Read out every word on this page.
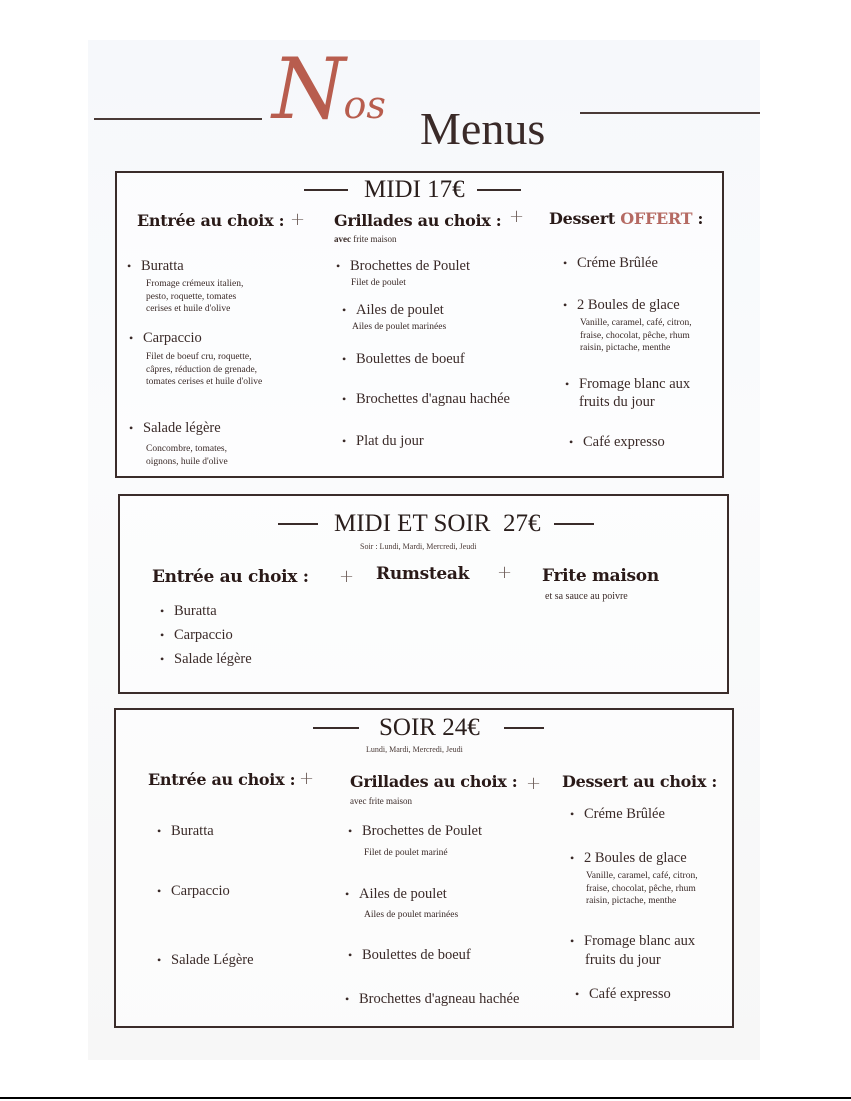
Nos Menus
MIDI 17€
Entrée au choix : + Grillades au choix : + Dessert OFFERT :
avec frite maison
• Buratta
Fromage crémeux italien,
pesto, roquette, tomates
cerises et huile d'olive
• Carpaccio
Filet de boeuf cru, roquette,
câpres, réduction de grenade,
tomates cerises et huile d'olive
• Salade légère
Concombre, tomates,
oignons, huile d'olive
• Brochettes de Poulet
Filet de poulet
• Ailes de poulet
Ailes de poulet marinées
• Boulettes de boeuf
• Brochettes d'agnau hachée
• Plat du jour
• Créme Brûlée
• 2 Boules de glace
Vanille, caramel, café, citron,
fraise, chocolat, pêche, rhum
raisin, pictache, menthe
• Fromage blanc aux
fruits du jour
• Café expresso
MIDI ET SOIR  27€
Soir : Lundi, Mardi, Mercredi, Jeudi
Entrée au choix : + Rumsteak + Frite maison
et sa sauce au poivre
• Buratta
• Carpaccio
• Salade légère
SOIR 24€
Lundi, Mardi, Mercredi, Jeudi
Entrée au choix : + Grillades au choix : + Dessert au choix :
avec frite maison
• Buratta
• Carpaccio
• Salade Légère
• Brochettes de Poulet
Filet de poulet mariné
• Ailes de poulet
Ailes de poulet marinées
• Boulettes de boeuf
• Brochettes d'agneau hachée
• Créme Brûlée
• 2 Boules de glace
Vanille, caramel, café, citron,
fraise, chocolat, pêche, rhum
raisin, pictache, menthe
• Fromage blanc aux
fruits du jour
• Café expresso
